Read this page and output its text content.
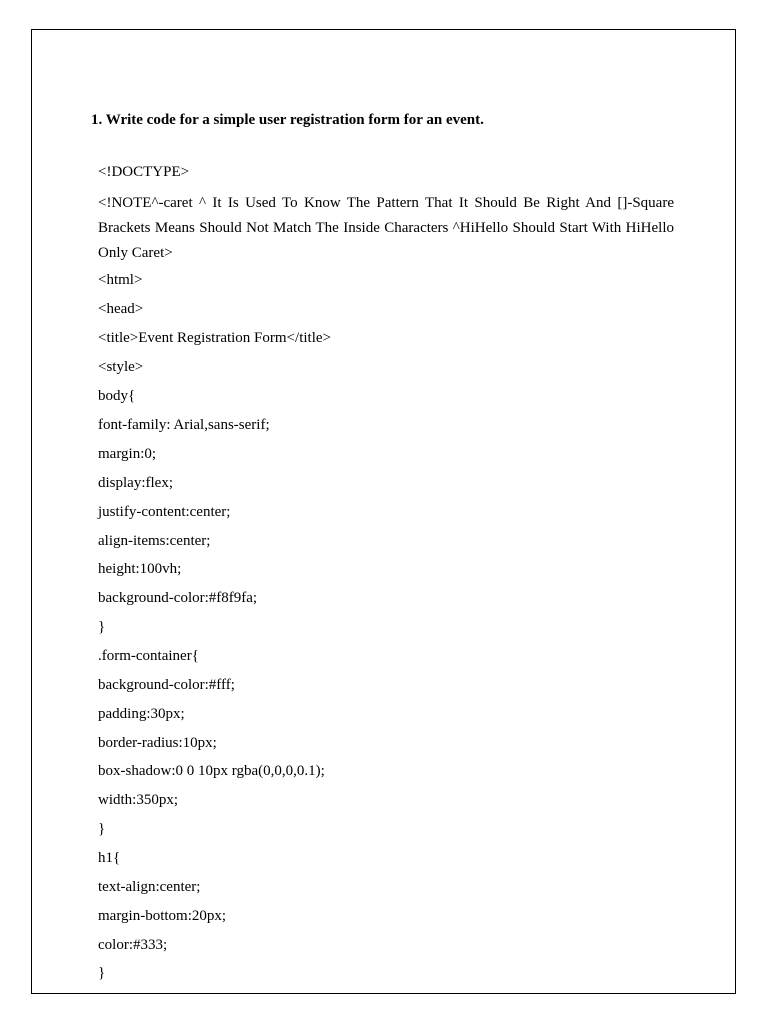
1. Write code for a simple user registration form for an event.

<!DOCTYPE>
<html>
<head>
<title>Event Registration Form</title>
<style>
body{
font-family: Arial,sans-serif;
margin:0;
display:flex;
justify-content:center;
align-items:center;
height:100vh;
background-color:#f8f9fa;
}
.form-container{
background-color:#fff;
padding:30px;
border-radius:10px;
box-shadow:0 0 10px rgba(0,0,0,0.1);
width:350px;
}
h1{
text-align:center;
margin-bottom:20px;
color:#333;
}

<!NOTE^-caret ^ It Is Used To Know The Pattern That It Should Be Right And []-Square Brackets Means Should Not Match The Inside Characters ^HiHello Should Start With HiHello Only Caret>
